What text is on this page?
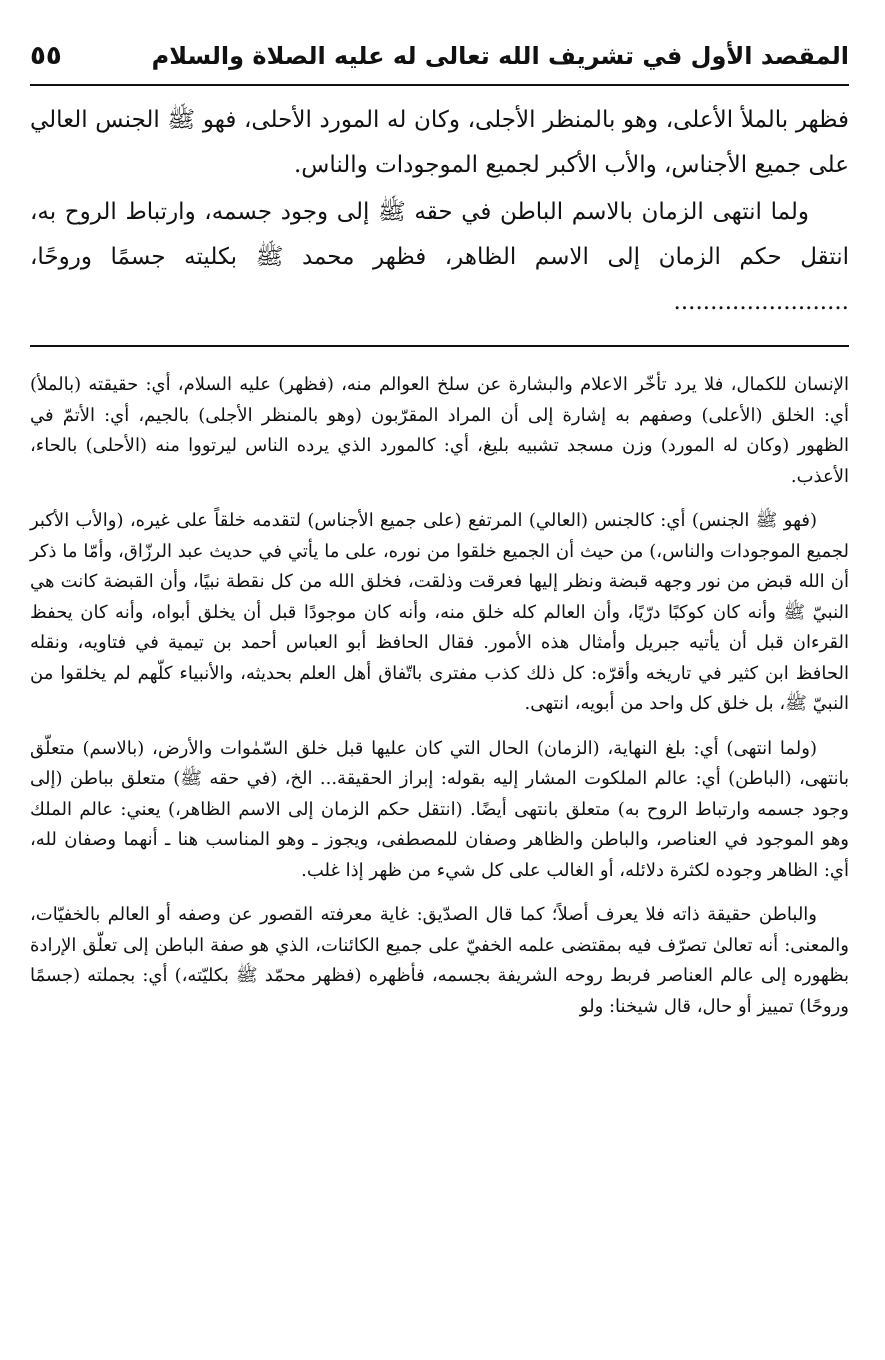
المقصد الأول في تشريف الله تعالى له عليه الصلاة والسلام
٥٥

فظهر بالملأ الأعلى، وهو بالمنظر الأجلى، وكان له المورد الأحلى، فهو ﷺ الجنس العالي على جميع الأجناس، والأب الأكبر لجميع الموجودات والناس.

ولما انتهى الزمان بالاسم الباطن في حقه ﷺ إلى وجود جسمه، وارتباط الروح به، انتقل حكم الزمان إلى الاسم الظاهر، فظهر محمد ﷺ بكليته جسمًا وروحًا، ........................

الإنسان للكمال، فلا يرد تأخّر الاعلام والبشارة عن سلخ العوالم منه، (فظهر) عليه السلام، أي: حقيقته (بالملأ) أي: الخلق (الأعلى) وصفهم به إشارة إلى أن المراد المقرّبون (وهو بالمنظر الأجلى) بالجيم، أي: الأتمّ في الظهور (وكان له المورد) وزن مسجد تشبيه بليغ، أي: كالمورد الذي يرده الناس ليرتووا منه (الأحلى) بالحاء، الأعذب.

(فهو ﷺ الجنس) أي: كالجنس (العالي) المرتفع (على جميع الأجناس) لتقدمه خلقاً على غيره، (والأب الأكبر لجميع الموجودات والناس،) من حيث أن الجميع خلقوا من نوره، على ما يأتي في حديث عبد الرزّاق، وأمّا ما ذكر أن الله قبض من نور وجهه قبضة ونظر إليها فعرقت وذلقت، فخلق الله من كل نقطة نبيًا، وأن القبضة كانت هي النبيّ ﷺ وأنه كان كوكبًا درّيًا، وأن العالم كله خلق منه، وأنه كان موجودًا قبل أن يخلق أبواه، وأنه كان يحفظ القرءان قبل أن يأتيه جبريل وأمثال هذه الأمور. فقال الحافظ أبو العباس أحمد بن تيمية في فتاويه، ونقله الحافظ ابن كثير في تاريخه وأقرّه: كل ذلك كذب مفترى باتّفاق أهل العلم بحديثه، والأنبياء كلّهم لم يخلقوا من النبيّ ﷺ، بل خلق كل واحد من أبويه، انتهى.

(ولما انتهى) أي: بلغ النهاية، (الزمان) الحال التي كان عليها قبل خلق السّمٰوات والأرض، (بالاسم) متعلّق بانتهى، (الباطن) أي: عالم الملكوت المشار إليه بقوله: إبراز الحقيقة... الخ، (في حقه ﷺ) متعلق بباطن (إلى وجود جسمه وارتباط الروح به) متعلق بانتهى أيضًا. (انتقل حكم الزمان إلى الاسم الظاهر،) يعني: عالم الملك وهو الموجود في العناصر، والباطن والظاهر وصفان للمصطفى، ويجوز ـ وهو المناسب هنا ـ أنهما وصفان لله، أي: الظاهر وجوده لكثرة دلائله، أو الغالب على كل شيء من ظهر إذا غلب.

والباطن حقيقة ذاته فلا يعرف أصلاً؛ كما قال الصدّيق: غاية معرفته القصور عن وصفه أو العالم بالخفيّات، والمعنى: أنه تعالىٰ تصرّف فيه بمقتضى علمه الخفيّ على جميع الكائنات، الذي هو صفة الباطن إلى تعلّق الإرادة بظهوره إلى عالم العناصر فربط روحه الشريفة بجسمه، فأظهره (فظهر محمّد ﷺ بكليّته،) أي: بجملته (جسمًا وروحًا) تمييز أو حال، قال شيخنا: ولو
